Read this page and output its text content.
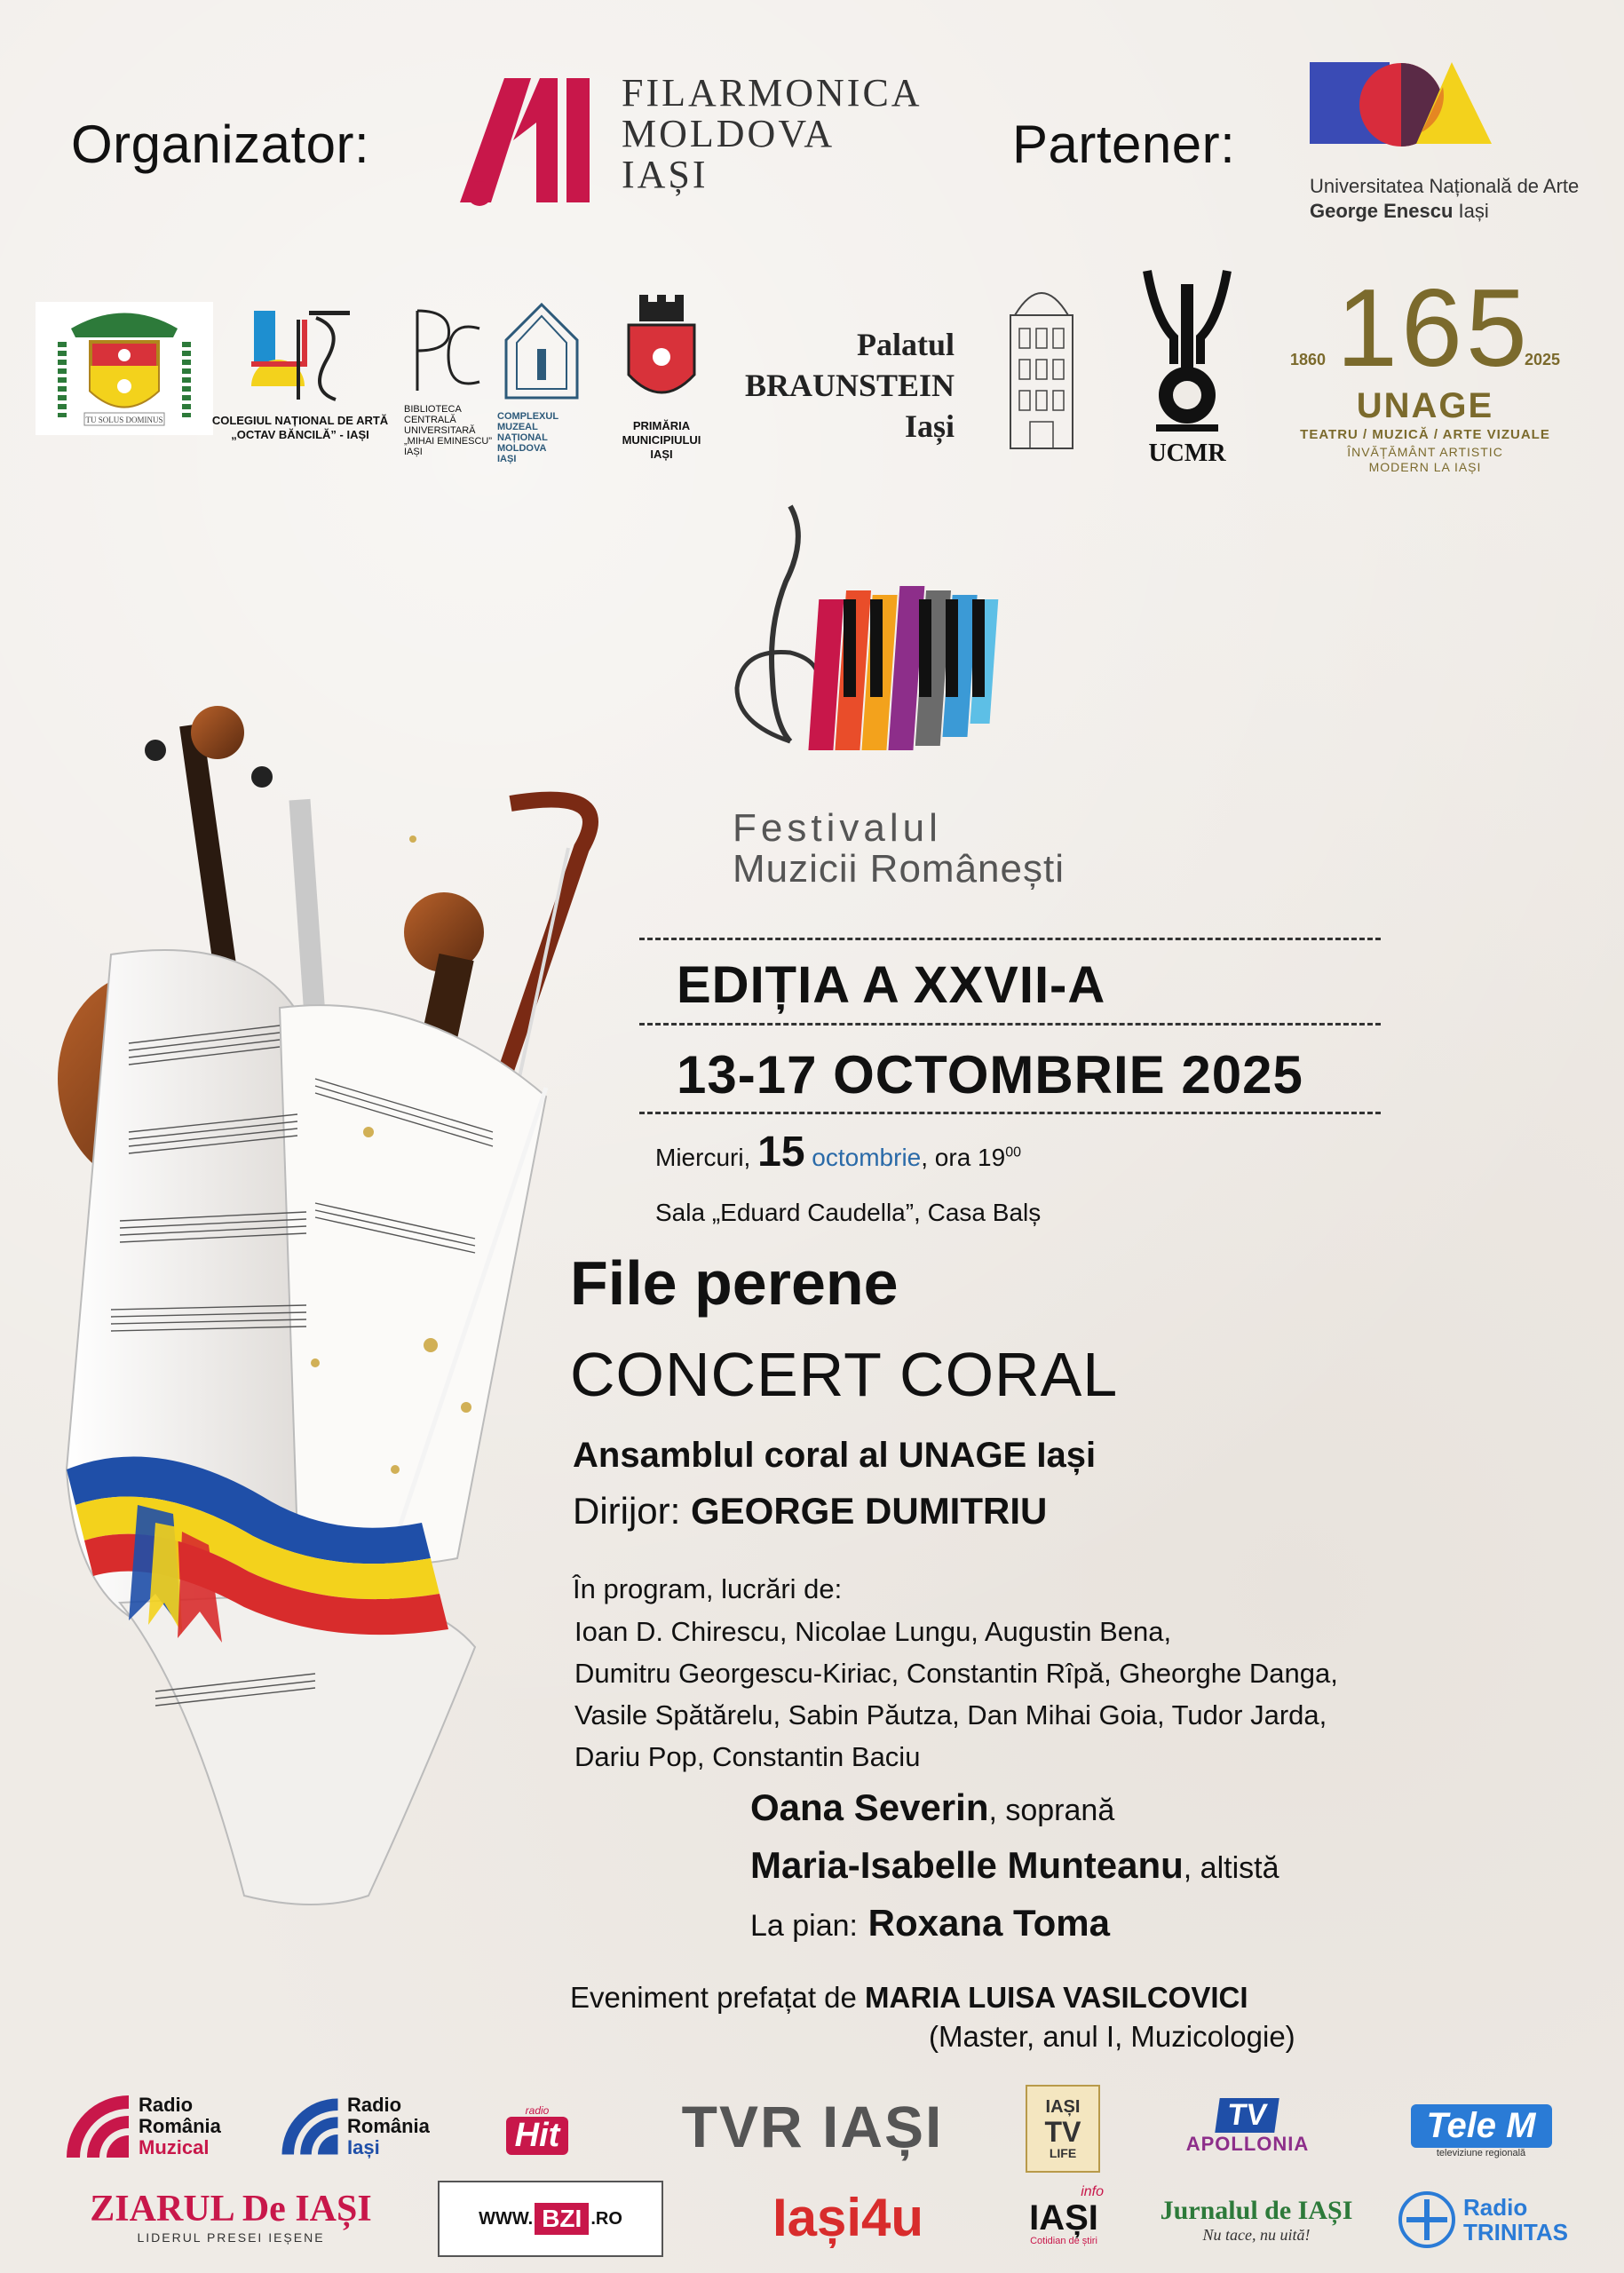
Organizator:
FILARMONICA
MOLDOVA
IAȘI
Partener:
Universitatea Națională de Arte
George Enescu Iași
TU SOLUS DOMINUS	COLEGIUL NAȚIONAL DE ARTĂ
„OCTAV BĂNCILĂ” - IAȘI
BIBLIOTECA
CENTRALĂ
UNIVERSITARĂ
„MIHAI EMINESCU”
IAȘI
COMPLEXUL
MUZEAL
NAȚIONAL
MOLDOVA
IAȘI
PRIMĂRIA
MUNICIPIULUI
IAȘI
Palatul
BRAUNSTEIN
Iași
UCMR
1860 165
2025
UNAGE
TEATRU / MUZICĂ / ARTE VIZUALE
ÎNVĂȚĂMÂNT ARTISTIC
MODERN LA IAȘI
Festivalul
Muzicii Românești
EDIȚIA A XXVII-A
13-17 OCTOMBRIE 2025
Miercuri, 15 octombrie, ora $19^{00}$
Sala „Eduard Caudella”, Casa Balș
File perene
CONCERT CORAL
Ansamblul coral al UNAGE Iași
Dirijor: GEORGE DUMITRIU
În program, lucrări de:
Ioan D. Chirescu, Nicolae Lungu, Augustin Bena,
Dumitru Georgescu-Kiriac, Constantin Rîpă, Gheorghe Danga,
Vasile Spătărelu, Sabin Păutza, Dan Mihai Goia, Tudor Jarda,
Dariu Pop, Constantin Baciu
Oana Severin, soprană
Maria-Isabelle Munteanu, altistă
La pian: Roxana Toma
Eveniment prefațat de MARIA LUISA VASILCOVICI
(Master, anul I, Muzicologie)
Radio
România
Muzical
Radio
România
Iași
radio
Hit TVR IAȘI	IAȘI
TV
LIFE
TV
APOLLONIA	Tele M
televiziune regională
ZIARUL De IAȘI
LIDERUL PRESEI IEȘENE
WWW. BZI .RO	Iași4u	info
IAȘI
Cotidian de știri
Jurnalul de IAȘI
Nu tace, nu uită!
Radio
TRINITAS
